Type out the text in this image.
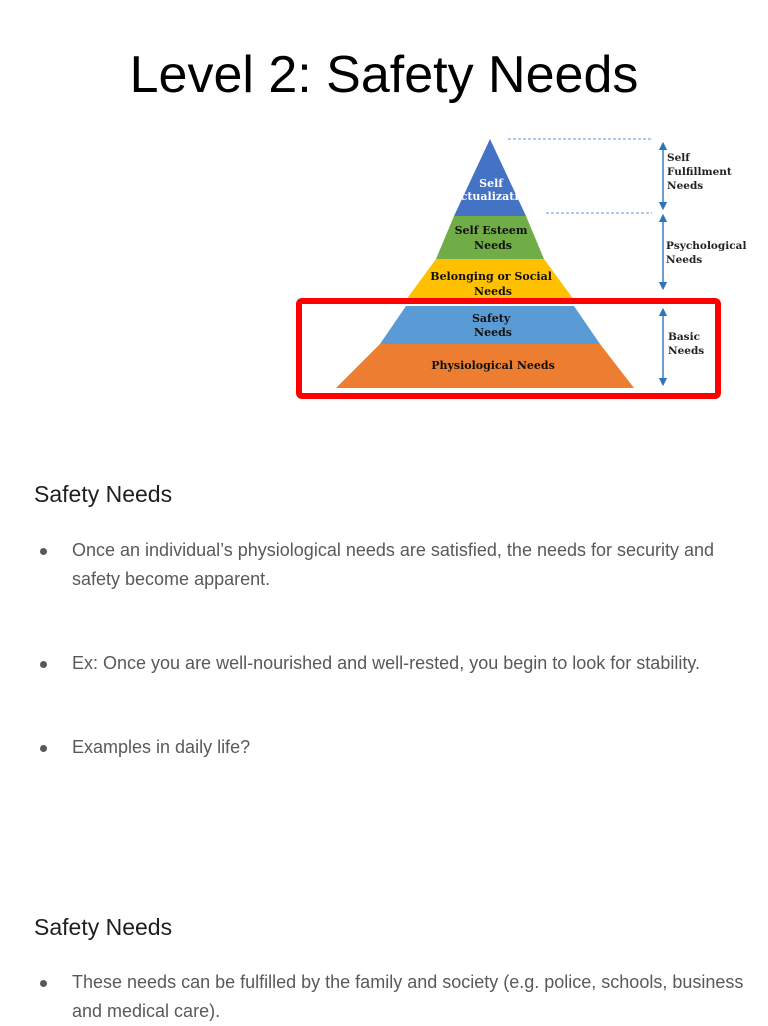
Level 2: Safety Needs
Self Actualization
Self Esteem Needs
Belonging or Social Needs
Safety Needs
Physiological Needs
Self Fulfillment Needs
Psychological Needs
Basic Needs
Safety Needs
Once an individual’s physiological needs are satisfied, the needs for security and safety become apparent.
Ex: Once you are well-nourished and well-rested, you begin to look for stability.
Examples in daily life?
Safety Needs
These needs can be fulfilled by the family and society (e.g. police, schools, business and medical care).
